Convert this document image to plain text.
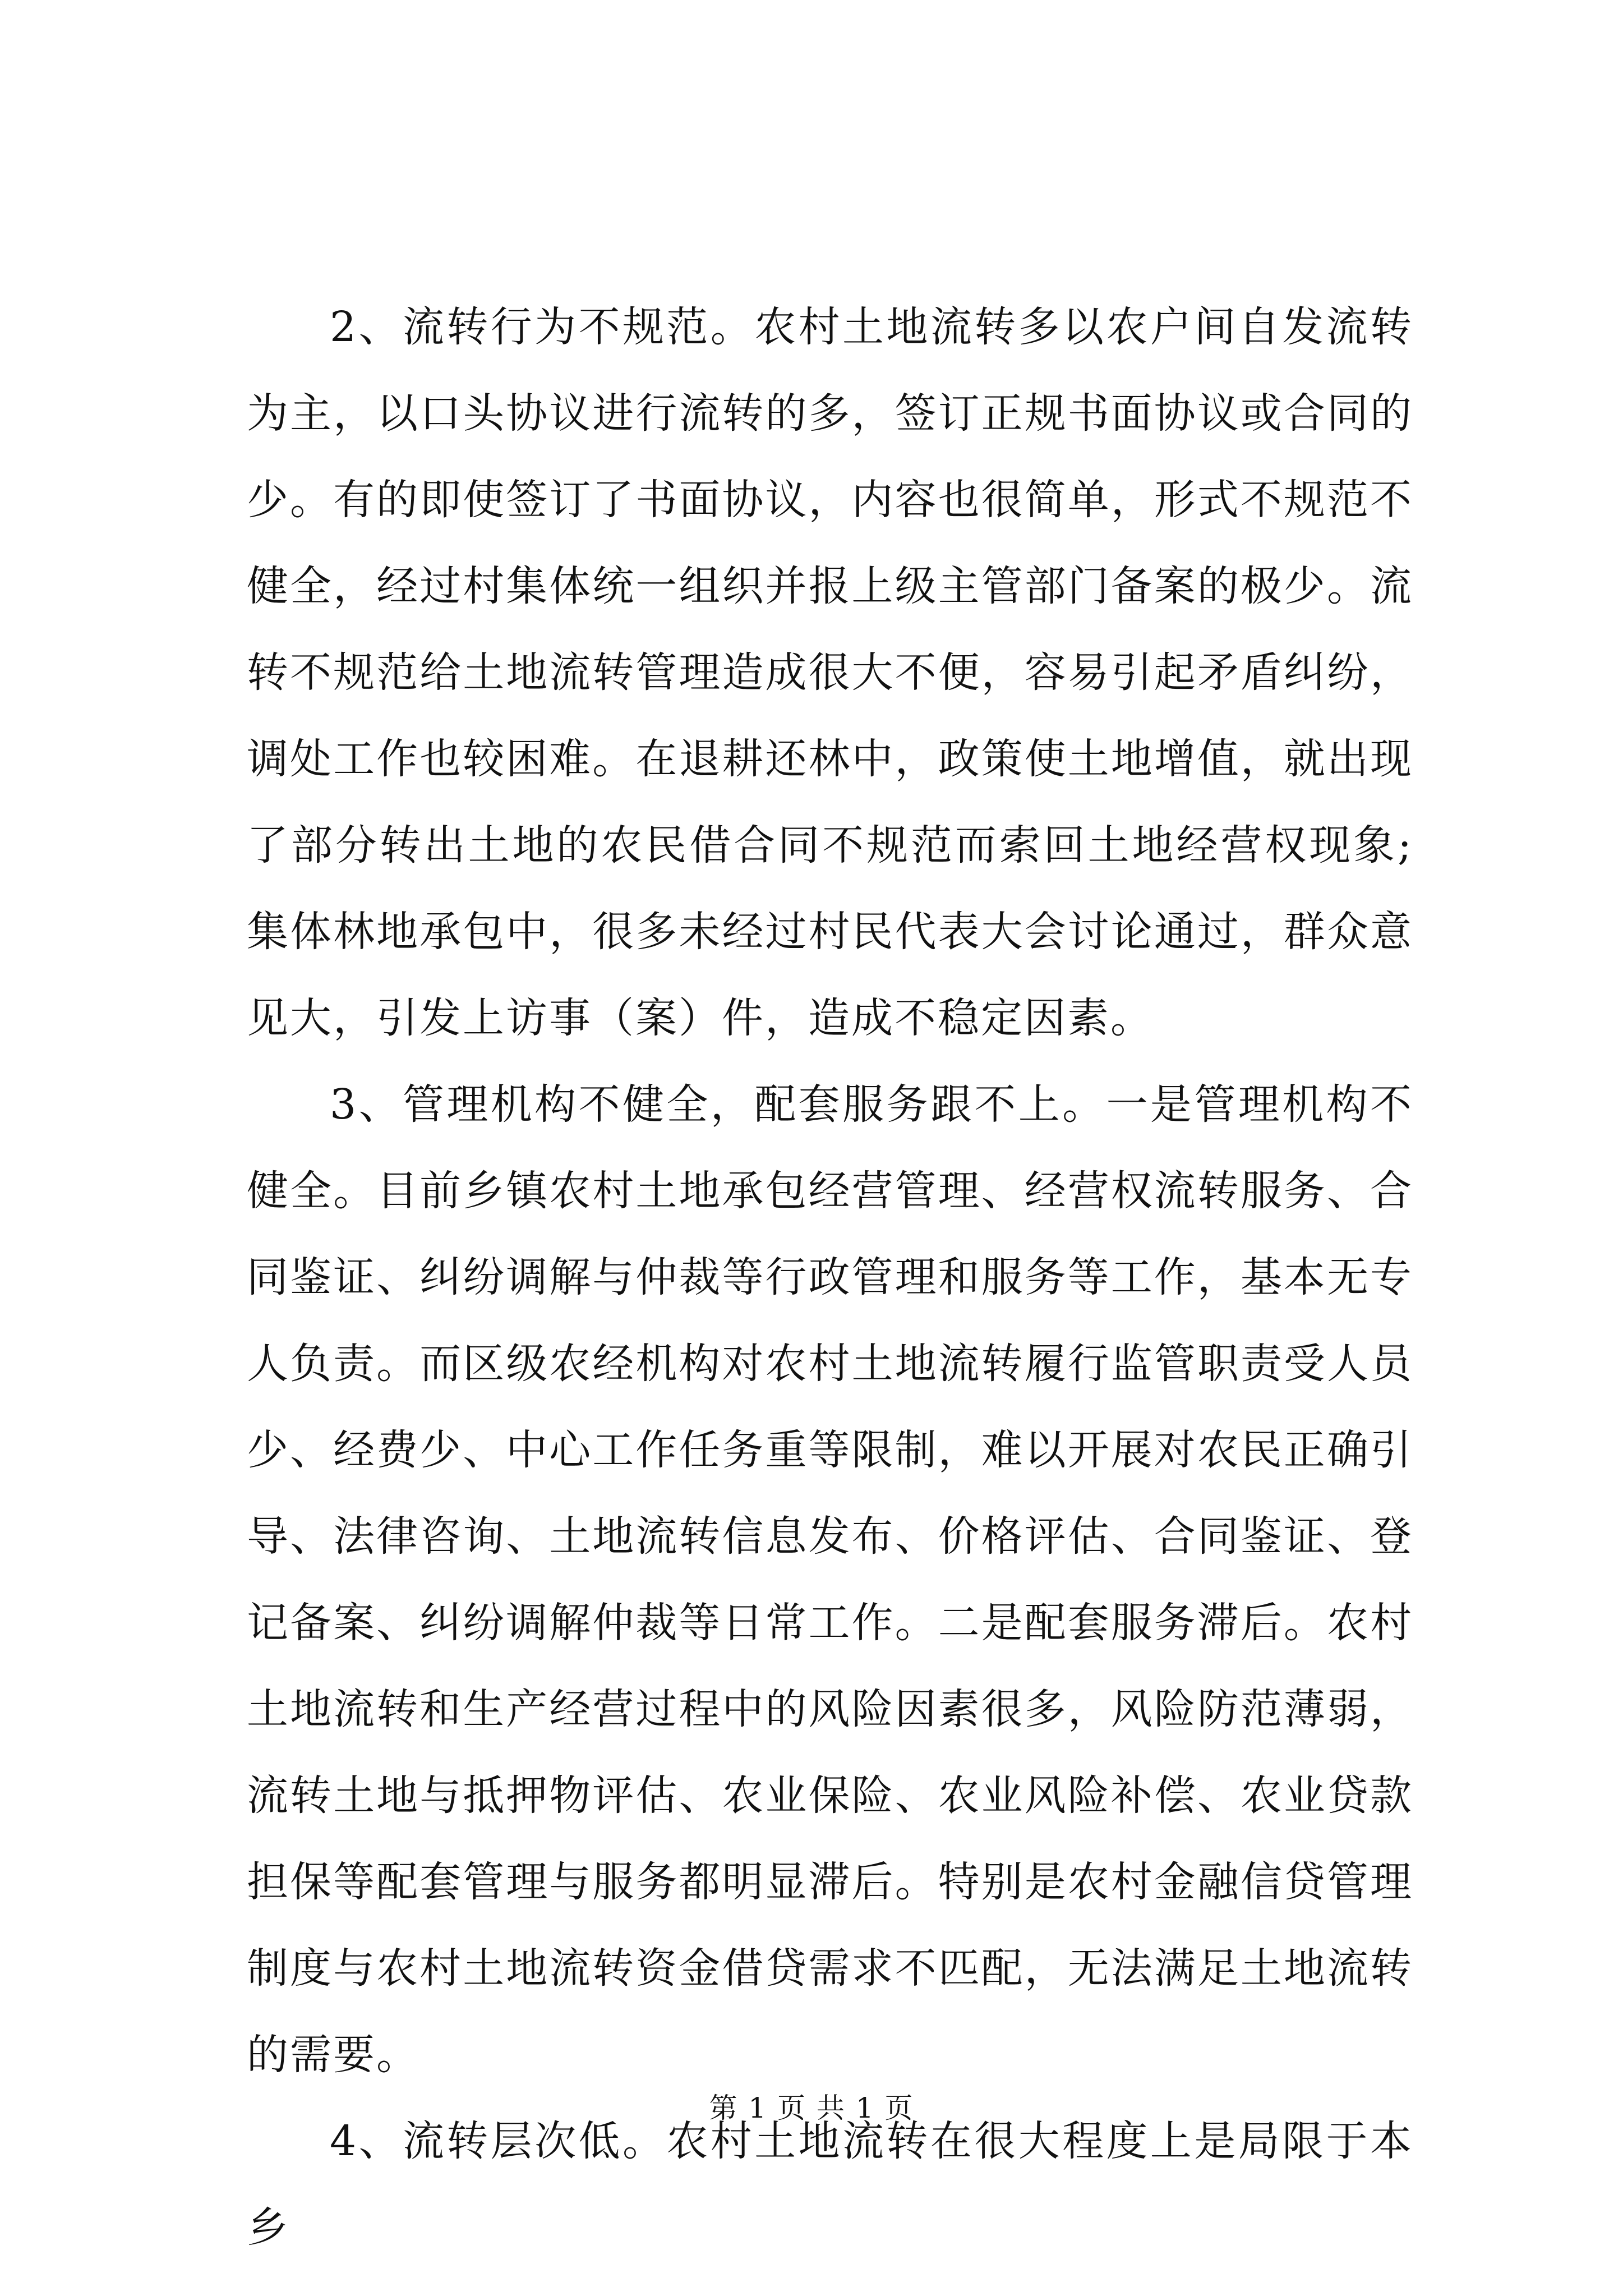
2、流转行为不规范。农村土地流转多以农户间自发流转为主，以口头协议进行流转的多，签订正规书面协议或合同的少。有的即使签订了书面协议，内容也很简单，形式不规范不健全，经过村集体统一组织并报上级主管部门备案的极少。流转不规范给土地流转管理造成很大不便，容易引起矛盾纠纷，调处工作也较困难。在退耕还林中，政策使土地增值，就出现了部分转出土地的农民借合同不规范而索回土地经营权现象;集体林地承包中，很多未经过村民代表大会讨论通过，群众意见大，引发上访事（案）件，造成不稳定因素。

3、管理机构不健全，配套服务跟不上。一是管理机构不健全。目前乡镇农村土地承包经营管理、经营权流转服务、合同鉴证、纠纷调解与仲裁等行政管理和服务等工作，基本无专人负责。而区级农经机构对农村土地流转履行监管职责受人员少、经费少、中心工作任务重等限制，难以开展对农民正确引导、法律咨询、土地流转信息发布、价格评估、合同鉴证、登记备案、纠纷调解仲裁等日常工作。二是配套服务滞后。农村土地流转和生产经营过程中的风险因素很多，风险防范薄弱，流转土地与抵押物评估、农业保险、农业风险补偿、农业贷款担保等配套管理与服务都明显滞后。特别是农村金融信贷管理制度与农村土地流转资金借贷需求不匹配，无法满足土地流转的需要。

4、流转层次低。农村土地流转在很大程度上是局限于本乡

第 1 页 共 1 页
